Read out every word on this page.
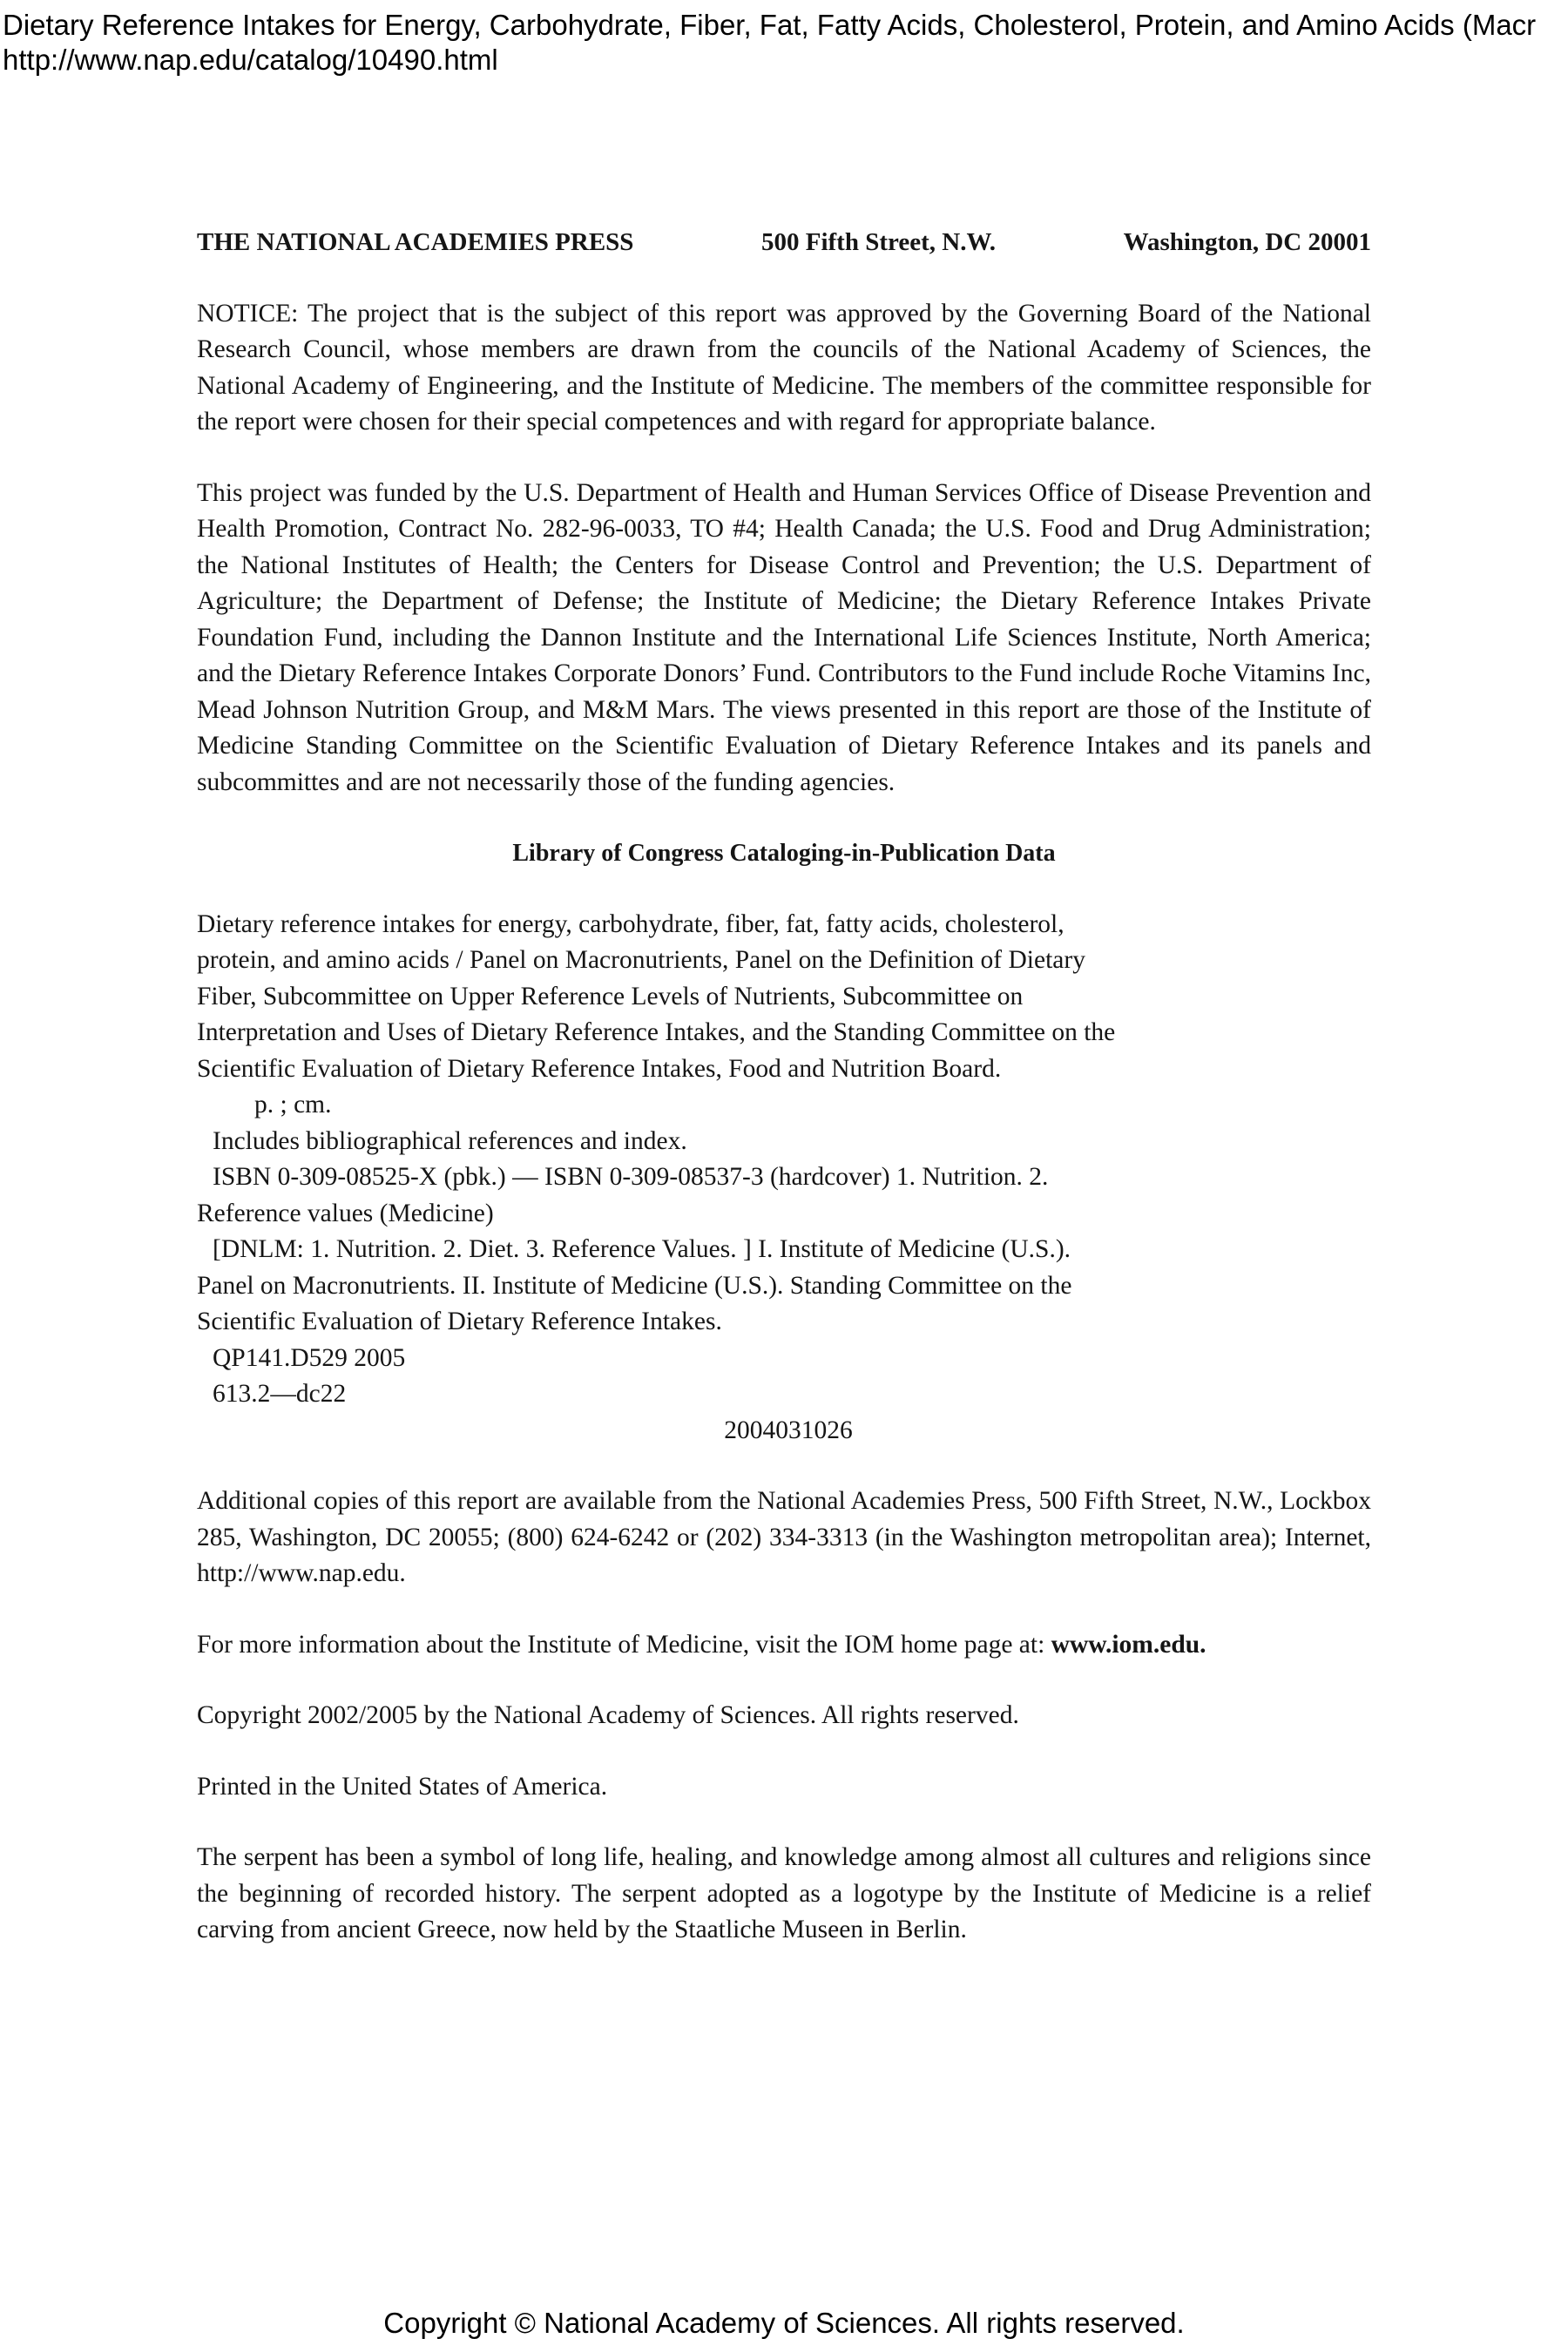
Dietary Reference Intakes for Energy, Carbohydrate, Fiber, Fat, Fatty Acids, Cholesterol, Protein, and Amino Acids (Macr
http://www.nap.edu/catalog/10490.html
THE NATIONAL ACADEMIES PRESS	500 Fifth Street, N.W.	Washington, DC 20001

NOTICE: The project that is the subject of this report was approved by the Governing Board of the National Research Council, whose members are drawn from the councils of the National Academy of Sciences, the National Academy of Engineering, and the Institute of Medicine. The members of the committee responsible for the report were chosen for their special competences and with regard for appropriate balance.

This project was funded by the U.S. Department of Health and Human Services Office of Disease Prevention and Health Promotion, Contract No. 282-96-0033, TO #4; Health Canada; the U.S. Food and Drug Administration; the National Institutes of Health; the Centers for Disease Control and Prevention; the U.S. Department of Agriculture; the Department of Defense; the Institute of Medicine; the Dietary Reference Intakes Private Foundation Fund, including the Dannon Institute and the International Life Sciences Institute, North America; and the Dietary Reference Intakes Corporate Donors’ Fund. Contributors to the Fund include Roche Vitamins Inc, Mead Johnson Nutrition Group, and M&M Mars. The views presented in this report are those of the Institute of Medicine Standing Committee on the Scientific Evaluation of Dietary Reference Intakes and its panels and subcommittes and are not necessarily those of the funding agencies.

Library of Congress Cataloging-in-Publication Data
Dietary reference intakes for energy, carbohydrate, fiber, fat, fatty acids, cholesterol,
protein, and amino acids / Panel on Macronutrients, Panel on the Definition of Dietary
Fiber, Subcommittee on Upper Reference Levels of Nutrients, Subcommittee on
Interpretation and Uses of Dietary Reference Intakes, and the Standing Committee on the
Scientific Evaluation of Dietary Reference Intakes, Food and Nutrition Board.
p. ; cm.
Includes bibliographical references and index.
ISBN 0-309-08525-X (pbk.) — ISBN 0-309-08537-3 (hardcover) 1. Nutrition. 2.
Reference values (Medicine)
[DNLM: 1. Nutrition. 2. Diet. 3. Reference Values. ] I. Institute of Medicine (U.S.).
Panel on Macronutrients. II. Institute of Medicine (U.S.). Standing Committee on the
Scientific Evaluation of Dietary Reference Intakes.
QP141.D529 2005
613.2—dc22
2004031026

Additional copies of this report are available from the National Academies Press, 500 Fifth Street, N.W., Lockbox 285, Washington, DC 20055; (800) 624-6242 or (202) 334-3313 (in the Washington metropolitan area); Internet, http://www.nap.edu.

For more information about the Institute of Medicine, visit the IOM home page at: www.iom.edu.
Copyright 2002/2005 by the National Academy of Sciences. All rights reserved.
Printed in the United States of America.

The serpent has been a symbol of long life, healing, and knowledge among almost all cultures and religions since the beginning of recorded history. The serpent adopted as a logotype by the Institute of Medicine is a relief carving from ancient Greece, now held by the Staatliche Museen in Berlin.

Copyright © National Academy of Sciences. All rights reserved.
